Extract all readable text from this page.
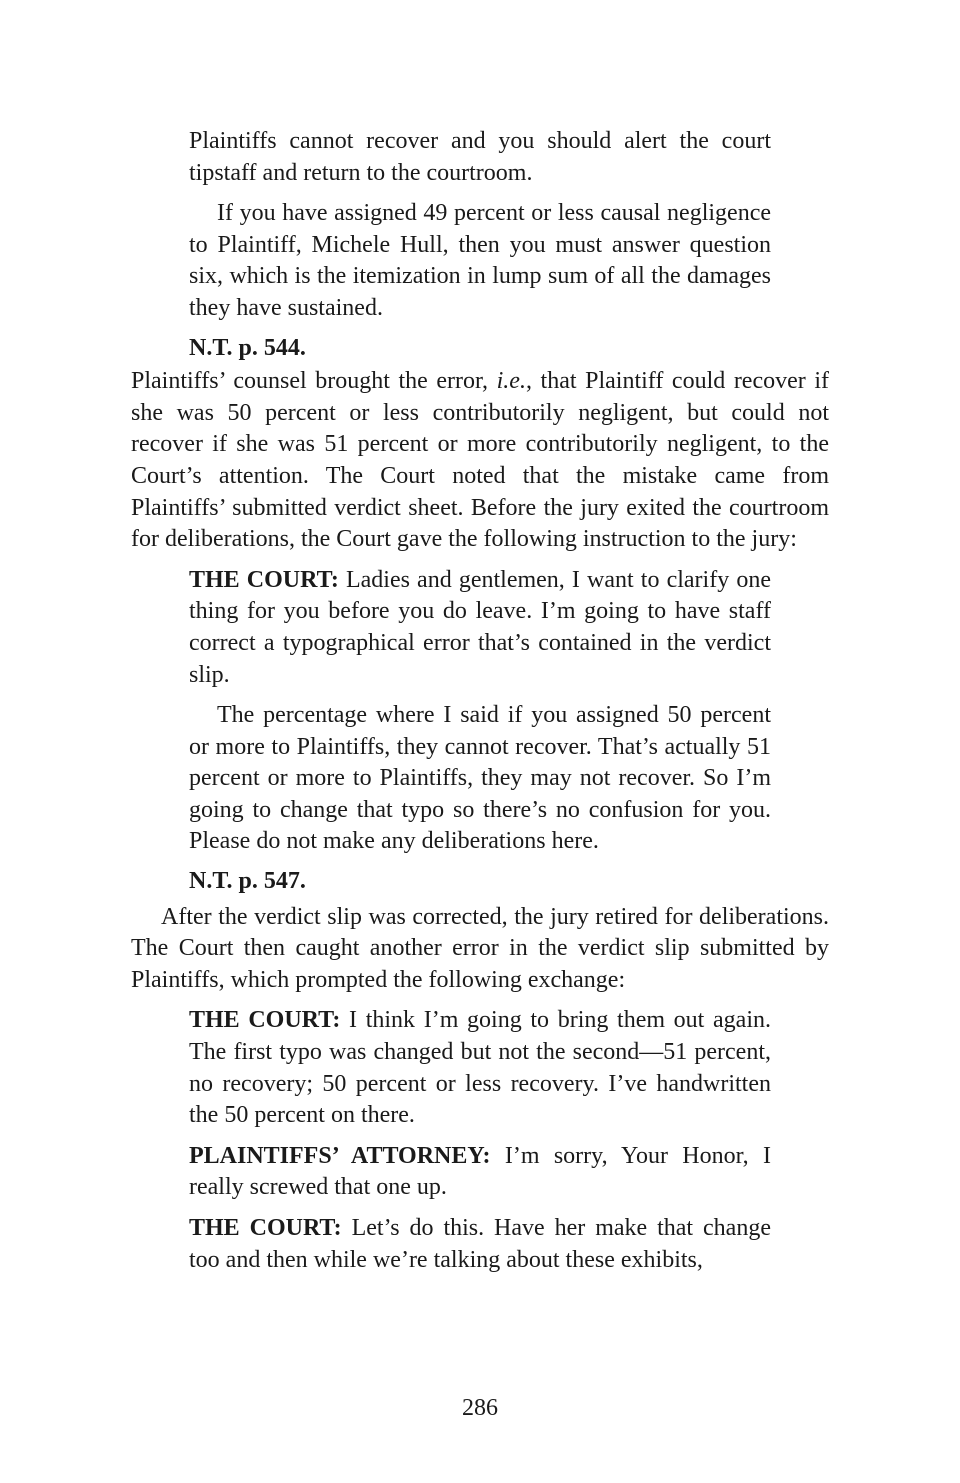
Plaintiffs cannot recover and you should alert the court tipstaff and return to the courtroom.

If you have assigned 49 percent or less causal negligence to Plaintiff, Michele Hull, then you must answer question six, which is the itemization in lump sum of all the damages they have sustained.

N.T. p. 544.

Plaintiffs’ counsel brought the error, i.e., that Plaintiff could recover if she was 50 percent or less contributorily negligent, but could not recover if she was 51 percent or more contributorily negligent, to the Court’s attention. The Court noted that the mistake came from Plaintiffs’ submitted verdict sheet. Before the jury exited the courtroom for deliberations, the Court gave the following instruction to the jury:

THE COURT: Ladies and gentlemen, I want to clarify one thing for you before you do leave. I’m going to have staff correct a typographical error that’s contained in the verdict slip.

The percentage where I said if you assigned 50 percent or more to Plaintiffs, they cannot recover. That’s actually 51 percent or more to Plaintiffs, they may not recover. So I’m going to change that typo so there’s no confusion for you. Please do not make any deliberations here.

N.T. p. 547.

After the verdict slip was corrected, the jury retired for deliberations. The Court then caught another error in the verdict slip submitted by Plaintiffs, which prompted the following exchange:

THE COURT: I think I’m going to bring them out again. The first typo was changed but not the second—51 percent, no recovery; 50 percent or less recovery. I’ve handwritten the 50 percent on there.

PLAINTIFFS’ ATTORNEY: I’m sorry, Your Honor, I really screwed that one up.

THE COURT: Let’s do this. Have her make that change too and then while we’re talking about these exhibits,

286
